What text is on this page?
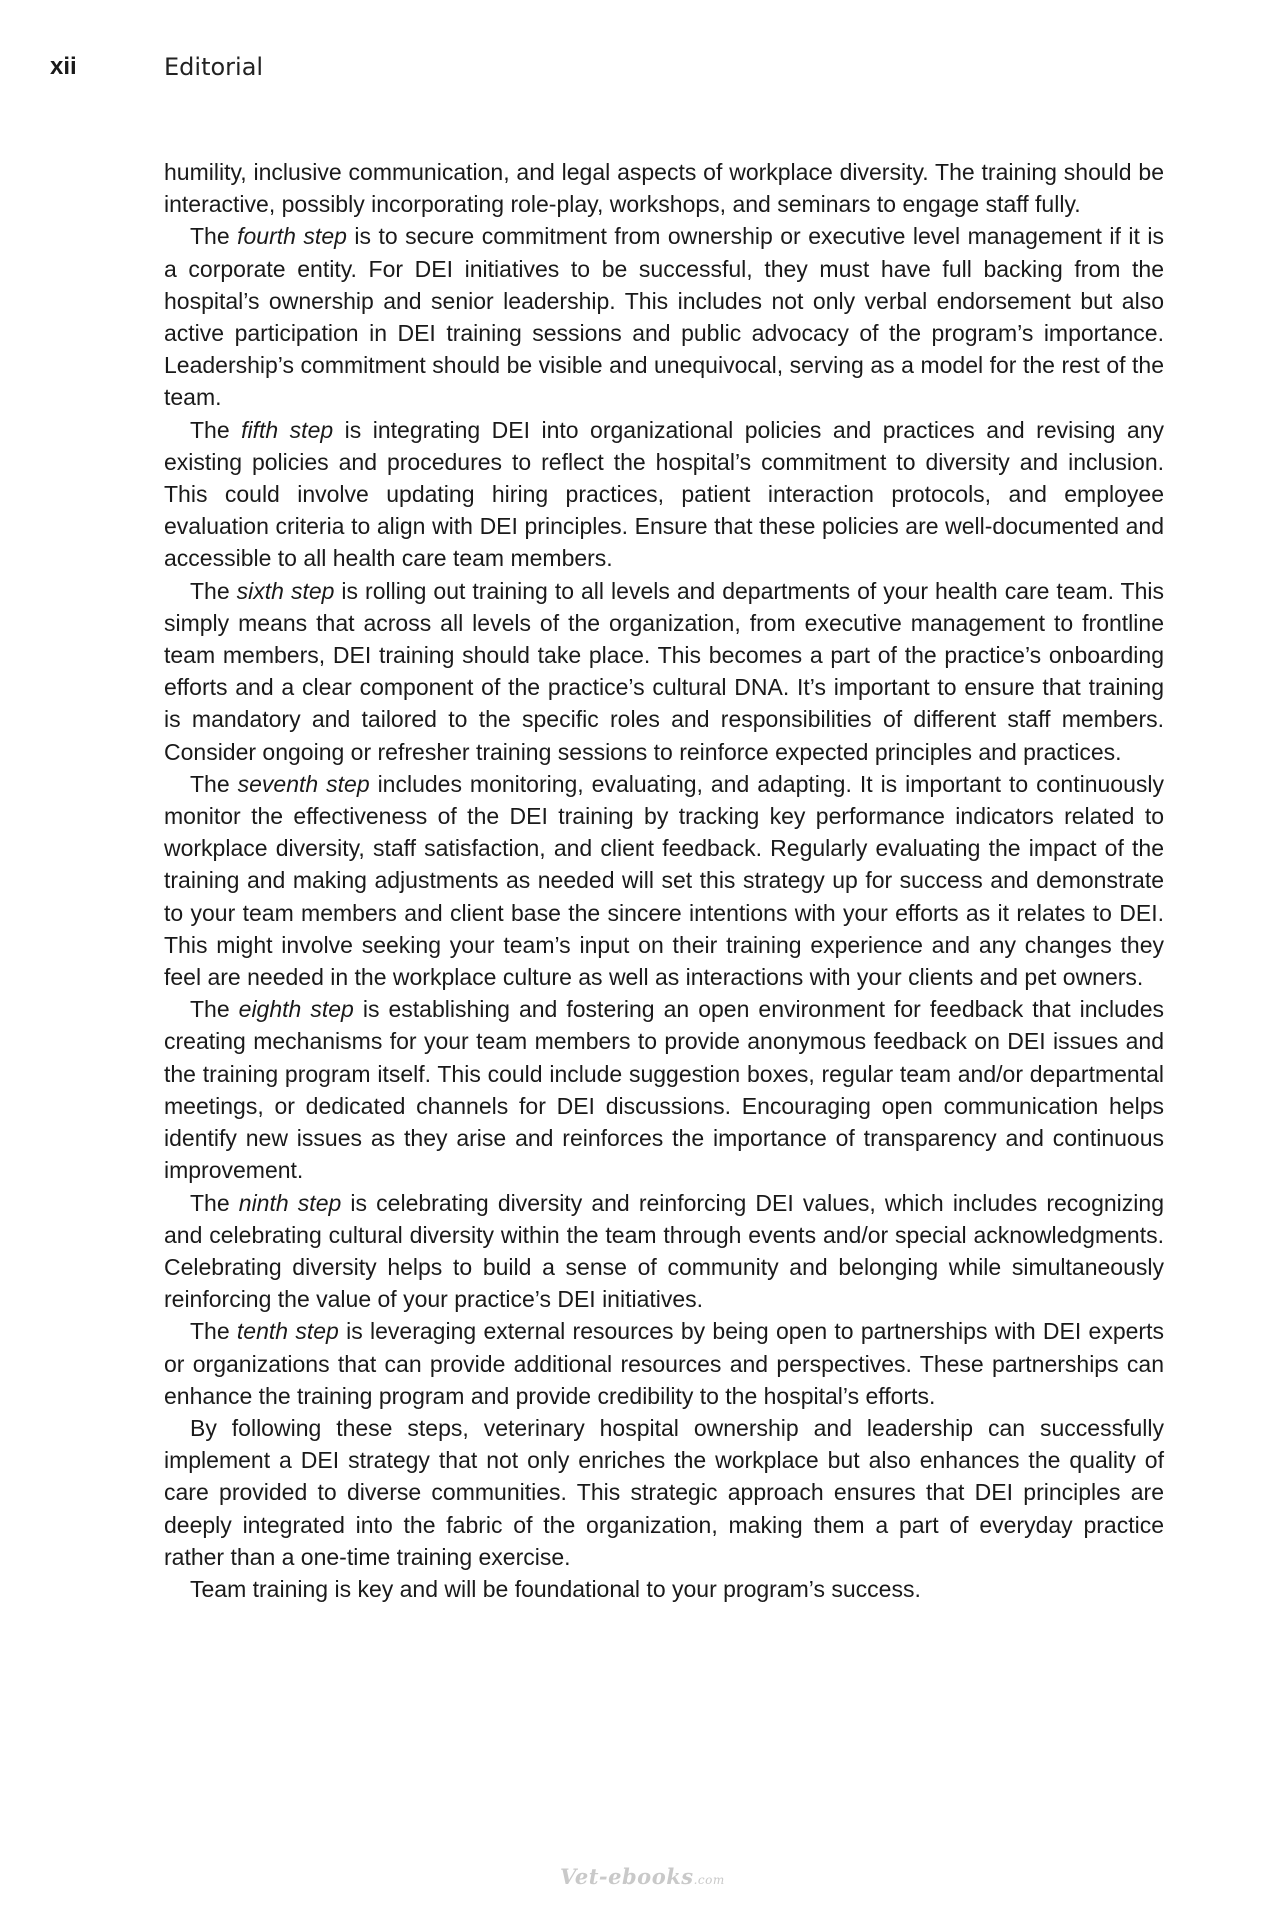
xii	Editorial

humility, inclusive communication, and legal aspects of workplace diversity. The training should be interactive, possibly incorporating role-play, workshops, and seminars to engage staff fully.

The fourth step is to secure commitment from ownership or executive level management if it is a corporate entity. For DEI initiatives to be successful, they must have full backing from the hospital’s ownership and senior leadership. This includes not only verbal endorsement but also active participation in DEI training sessions and public advocacy of the program’s importance. Leadership’s commitment should be visible and unequivocal, serving as a model for the rest of the team.

The fifth step is integrating DEI into organizational policies and practices and revising any existing policies and procedures to reflect the hospital’s commitment to diversity and inclusion. This could involve updating hiring practices, patient interaction protocols, and employee evaluation criteria to align with DEI principles. Ensure that these policies are well-documented and accessible to all health care team members.

The sixth step is rolling out training to all levels and departments of your health care team. This simply means that across all levels of the organization, from executive management to frontline team members, DEI training should take place. This becomes a part of the practice’s onboarding efforts and a clear component of the practice’s cultural DNA. It’s important to ensure that training is mandatory and tailored to the specific roles and responsibilities of different staff members. Consider ongoing or refresher training sessions to reinforce expected principles and practices.

The seventh step includes monitoring, evaluating, and adapting. It is important to continuously monitor the effectiveness of the DEI training by tracking key performance indicators related to workplace diversity, staff satisfaction, and client feedback. Regularly evaluating the impact of the training and making adjustments as needed will set this strategy up for success and demonstrate to your team members and client base the sincere intentions with your efforts as it relates to DEI. This might involve seeking your team’s input on their training experience and any changes they feel are needed in the workplace culture as well as interactions with your clients and pet owners.

The eighth step is establishing and fostering an open environment for feedback that includes creating mechanisms for your team members to provide anonymous feedback on DEI issues and the training program itself. This could include suggestion boxes, regular team and/or departmental meetings, or dedicated channels for DEI discussions. Encouraging open communication helps identify new issues as they arise and reinforces the importance of transparency and continuous improvement.

The ninth step is celebrating diversity and reinforcing DEI values, which includes recognizing and celebrating cultural diversity within the team through events and/or special acknowledgments. Celebrating diversity helps to build a sense of community and belonging while simultaneously reinforcing the value of your practice’s DEI initiatives.

The tenth step is leveraging external resources by being open to partnerships with DEI experts or organizations that can provide additional resources and perspectives. These partnerships can enhance the training program and provide credibility to the hospital’s efforts.

By following these steps, veterinary hospital ownership and leadership can successfully implement a DEI strategy that not only enriches the workplace but also enhances the quality of care provided to diverse communities. This strategic approach ensures that DEI principles are deeply integrated into the fabric of the organization, making them a part of everyday practice rather than a one-time training exercise.

Team training is key and will be foundational to your program’s success.

Vet-ebooks.com
